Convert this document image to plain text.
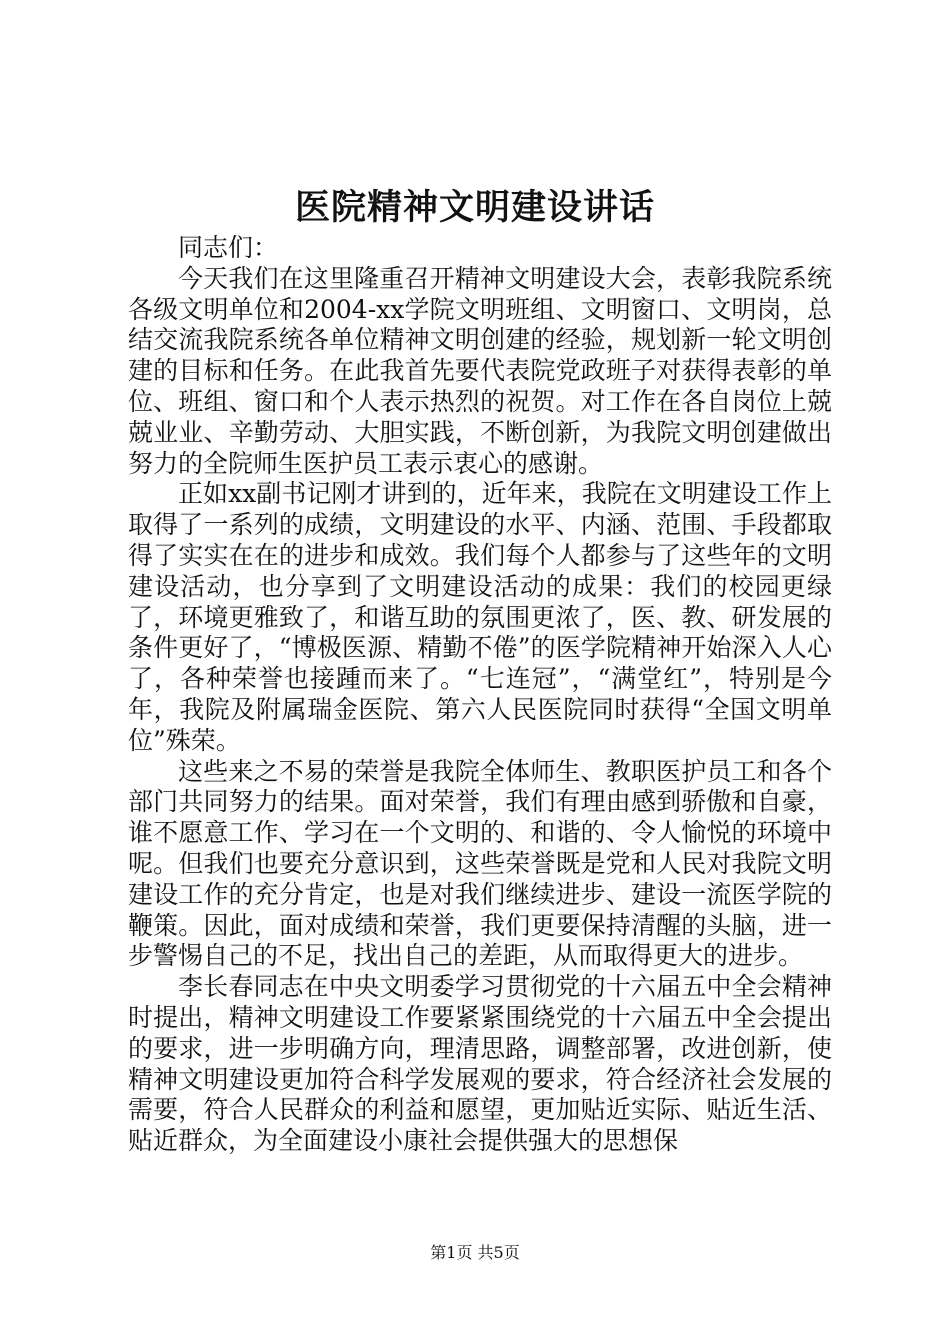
医院精神文明建设讲话

同志们：

今天我们在这里隆重召开精神文明建设大会，表彰我院系统各级文明单位和2004-xx学院文明班组、文明窗口、文明岗，总结交流我院系统各单位精神文明创建的经验，规划新一轮文明创建的目标和任务。在此我首先要代表院党政班子对获得表彰的单位、班组、窗口和个人表示热烈的祝贺。对工作在各自岗位上兢兢业业、辛勤劳动、大胆实践，不断创新，为我院文明创建做出努力的全院师生医护员工表示衷心的感谢。

正如xx副书记刚才讲到的，近年来，我院在文明建设工作上取得了一系列的成绩，文明建设的水平、内涵、范围、手段都取得了实实在在的进步和成效。我们每个人都参与了这些年的文明建设活动，也分享到了文明建设活动的成果：我们的校园更绿了，环境更雅致了，和谐互助的氛围更浓了，医、教、研发展的条件更好了，“博极医源、精勤不倦”的医学院精神开始深入人心了，各种荣誉也接踵而来了。“七连冠”，“满堂红”，特别是今年，我院及附属瑞金医院、第六人民医院同时获得“全国文明单位”殊荣。

这些来之不易的荣誉是我院全体师生、教职医护员工和各个部门共同努力的结果。面对荣誉，我们有理由感到骄傲和自豪，谁不愿意工作、学习在一个文明的、和谐的、令人愉悦的环境中呢。但我们也要充分意识到，这些荣誉既是党和人民对我院文明建设工作的充分肯定，也是对我们继续进步、建设一流医学院的鞭策。因此，面对成绩和荣誉，我们更要保持清醒的头脑，进一步警惕自己的不足，找出自己的差距，从而取得更大的进步。

李长春同志在中央文明委学习贯彻党的十六届五中全会精神时提出，精神文明建设工作要紧紧围绕党的十六届五中全会提出的要求，进一步明确方向，理清思路，调整部署，改进创新，使精神文明建设更加符合科学发展观的要求，符合经济社会发展的需要，符合人民群众的利益和愿望，更加贴近实际、贴近生活、贴近群众，为全面建设小康社会提供强大的思想保

第1页 共5页
